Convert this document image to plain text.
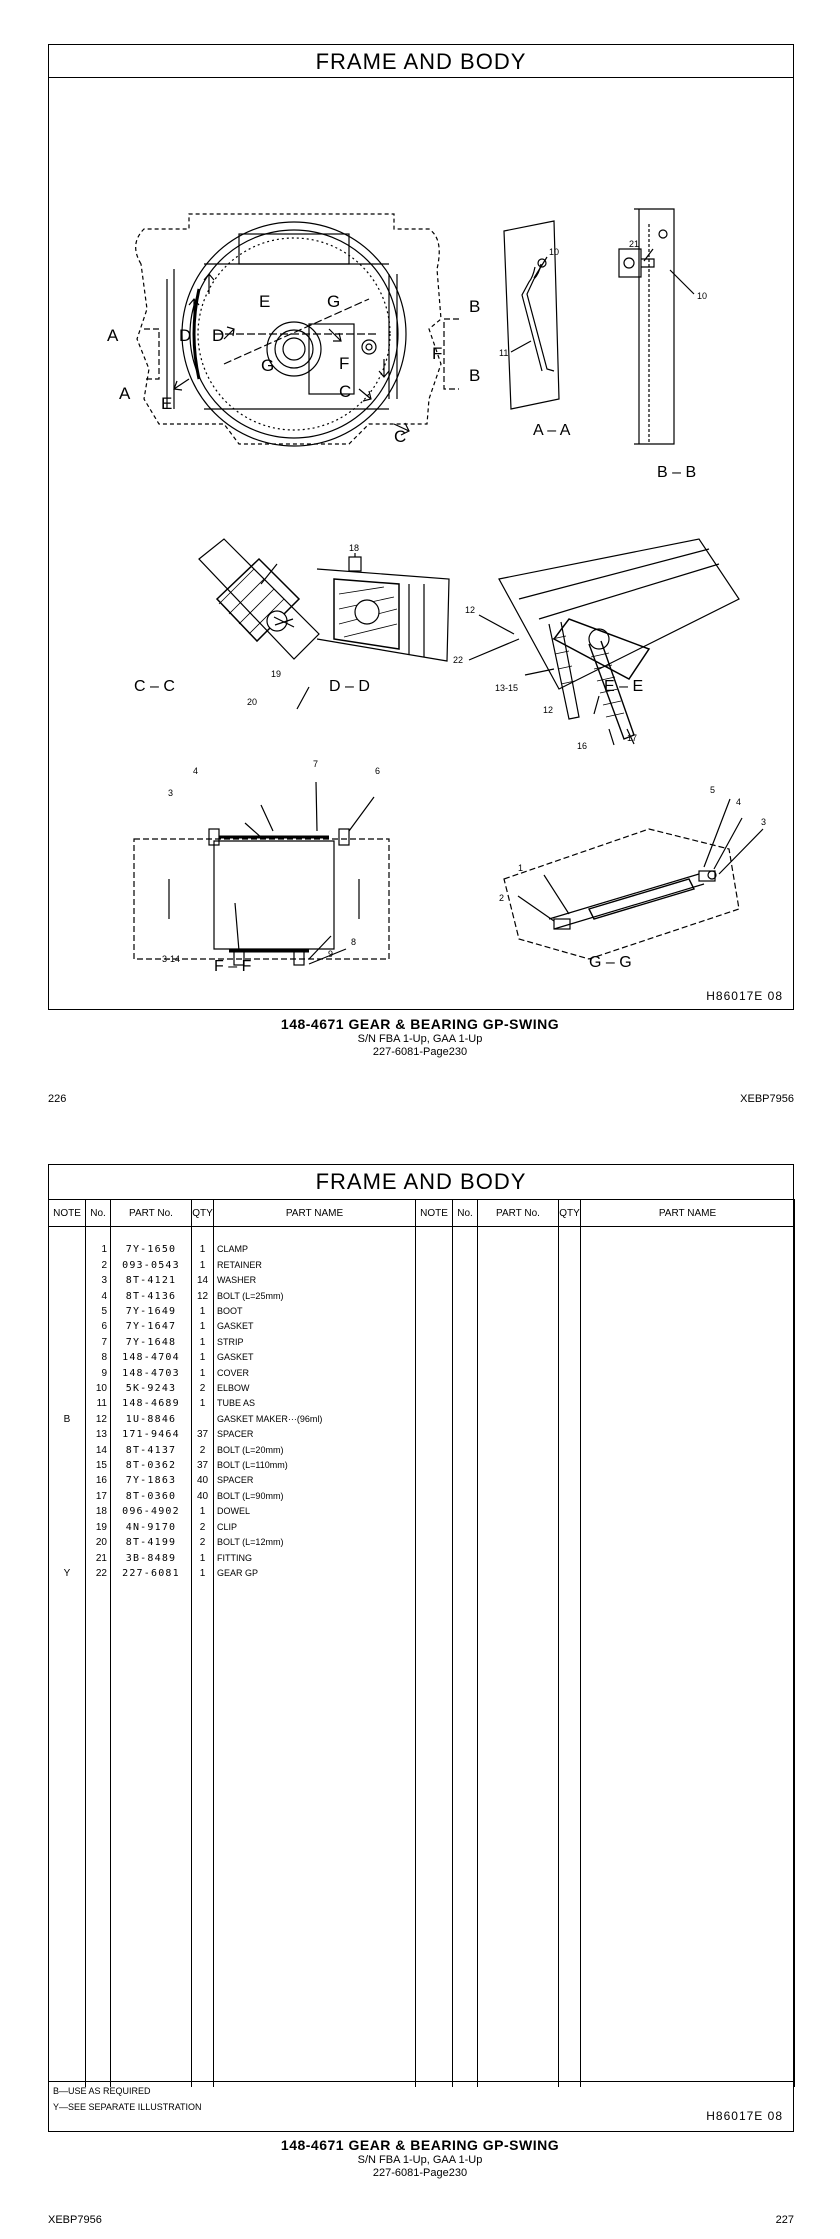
FRAME AND BODY
A
A
B
B
C
C
D D
E
E
F
F
G
G
A – A
B – B
C – C	D – D	E – E
F – F	G – G
10
11
21
10
19
20
18
12
22
13-15
12
16
17
4
7
6
3
3-14	9
8
5
4
3
1
2
H86017E 08
148-4671 GEAR & BEARING GP-SWING
S/N FBA 1-Up, GAA 1-Up
227-6081-Page230
226	XEBP7956
FRAME AND BODY
NOTE	No.	PART No.	QTY	PART NAME	NOTE	No.	PART No.	QTY	PART NAME

	1	7Y-1650	1	CLAMP					
	2	093-0543	1	RETAINER					
	3	8T-4121	14	WASHER					
	4	8T-4136	12	BOLT (L=25mm)					
	5	7Y-1649	1	BOOT					
	6	7Y-1647	1	GASKET					
	7	7Y-1648	1	STRIP					
	8	148-4704	1	GASKET					
	9	148-4703	1	COVER					
	10	5K-9243	2	ELBOW					
	11	148-4689	1	TUBE AS					
B	12	1U-8846		GASKET MAKER···(96ml)					
	13	171-9464	37	SPACER					
	14	8T-4137	2	BOLT (L=20mm)					
	15	8T-0362	37	BOLT (L=110mm)					
	16	7Y-1863	40	SPACER					
	17	8T-0360	40	BOLT (L=90mm)					
	18	096-4902	1	DOWEL					
	19	4N-9170	2	CLIP					
	20	8T-4199	2	BOLT (L=12mm)					
	21	3B-8489	1	FITTING					
Y	22	227-6081	1	GEAR GP					

B—USE AS REQUIRED
Y—SEE SEPARATE ILLUSTRATION
H86017E 08
148-4671 GEAR & BEARING GP-SWING
S/N FBA 1-Up, GAA 1-Up
227-6081-Page230
XEBP7956	227
